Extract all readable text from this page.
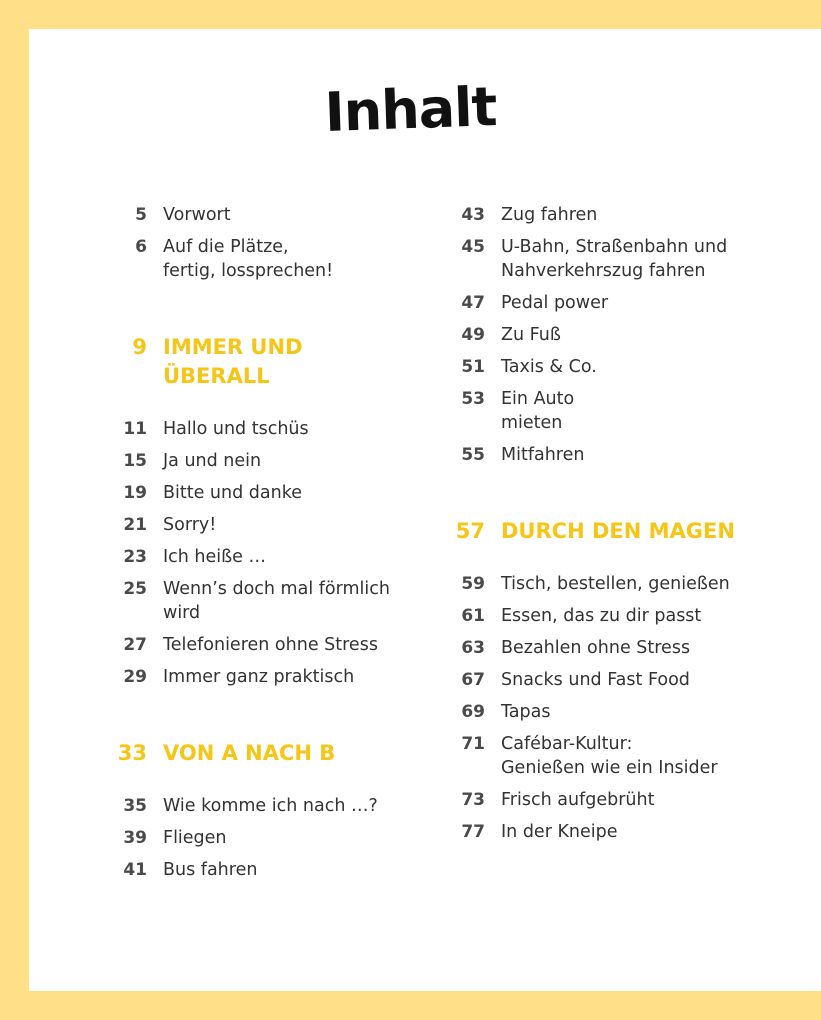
Inhalt
5 Vorwort
6 Auf die Plätze,
fertig, lossprechen!
9 IMMER UND
ÜBERALL
11 Hallo und tschüs
15 Ja und nein
19 Bitte und danke
21 Sorry!
23 Ich heiße …
25 Wenn’s doch mal förmlich
wird
27 Telefonieren ohne Stress
29 Immer ganz praktisch
33 VON A NACH B
35 Wie komme ich nach …?
39 Fliegen
41 Bus fahren
43 Zug fahren
45 U-Bahn, Straßenbahn und
Nahverkehrszug fahren
47 Pedal power
49 Zu Fuß
51 Taxis & Co.
53 Ein Auto
mieten
55 Mitfahren
57 DURCH DEN MAGEN
59 Tisch, bestellen, genießen
61 Essen, das zu dir passt
63 Bezahlen ohne Stress
67 Snacks und Fast Food
69 Tapas
71 Cafébar-Kultur:
Genießen wie ein Insider
73 Frisch aufgebrüht
77 In der Kneipe
